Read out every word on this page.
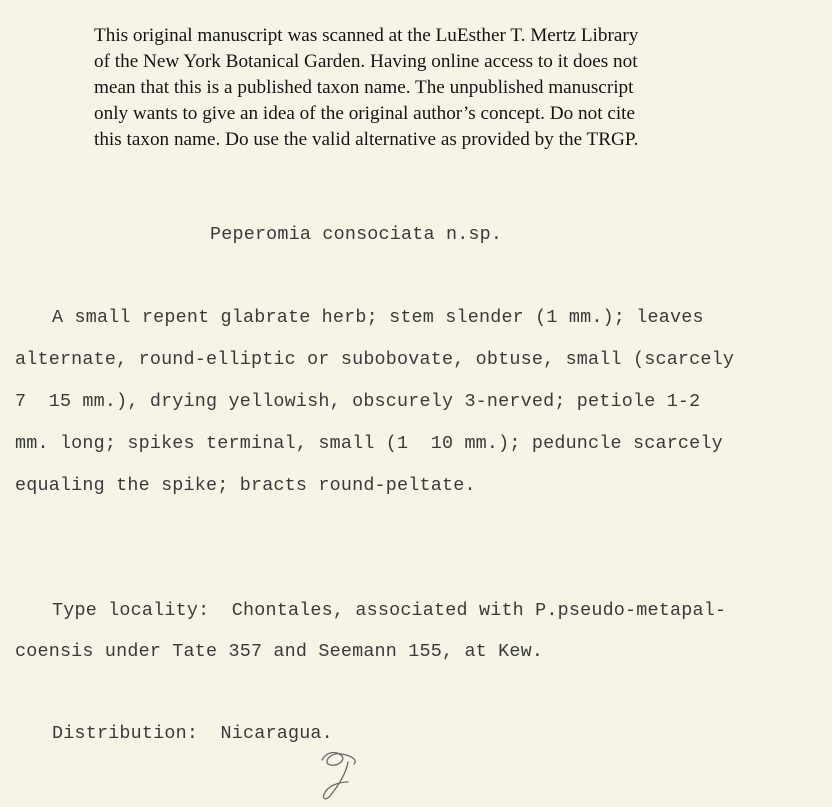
This original manuscript was scanned at the LuEsther T. Mertz Library
of the New York Botanical Garden. Having online access to it does not
mean that this is a published taxon name. The unpublished manuscript
only wants to give an idea of the original author’s concept. Do not cite
this taxon name. Do use the valid alternative as provided by the TRGP.
Peperomia consociata n.sp.
A small repent glabrate herb; stem slender (1 mm.); leaves
alternate, round-elliptic or subobovate, obtuse, small (scarcely
7  15 mm.), drying yellowish, obscurely 3-nerved; petiole 1-2
mm. long; spikes terminal, small (1  10 mm.); peduncle scarcely
equaling the spike; bracts round-peltate.
Type locality:  Chontales, associated with P.pseudo-metapal-
coensis under Tate 357 and Seemann 155, at Kew.
Distribution:  Nicaragua.
